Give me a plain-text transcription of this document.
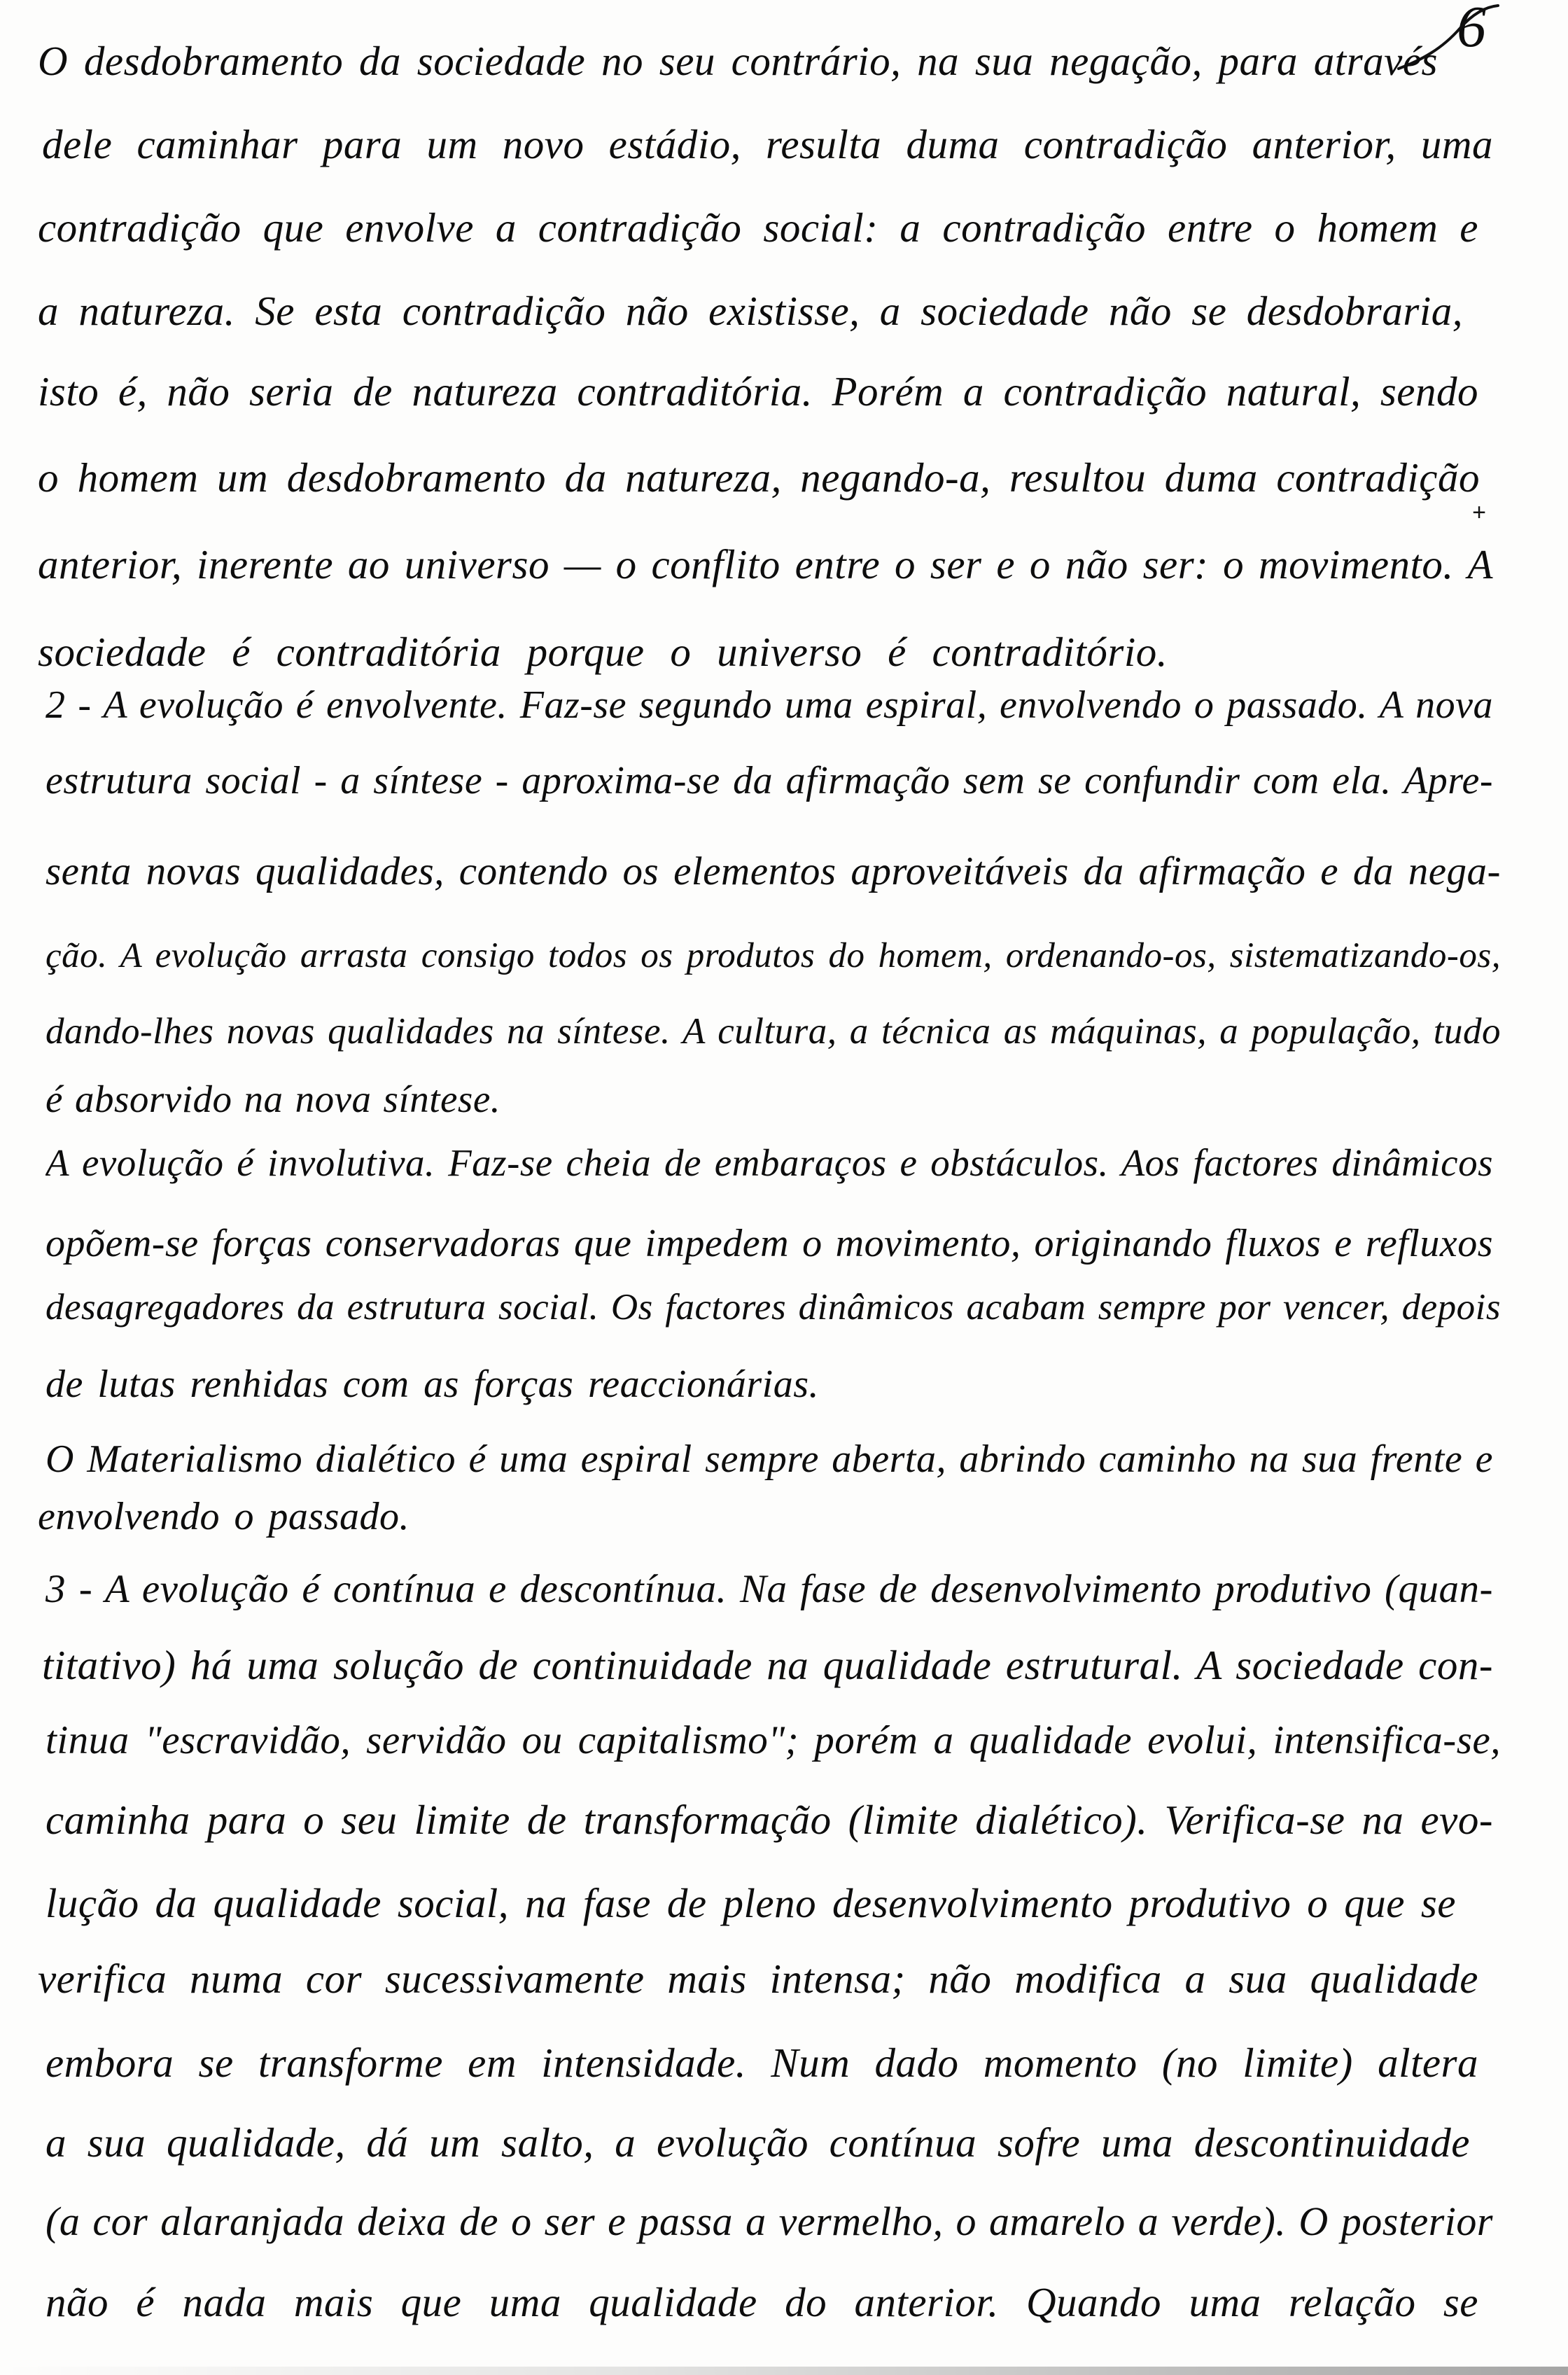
6
O desdobramento da sociedade no seu contrário, na sua negação, para através
dele caminhar para um novo estádio, resulta duma contradição anterior, uma
contradição que envolve a contradição social: a contradição entre o homem e
a natureza. Se esta contradição não existisse, a sociedade não se desdobraria,
isto é, não seria de natureza contraditória. Porém a contradição natural, sendo
o homem um desdobramento da natureza, negando-a, resultou duma contradição
+
anterior, inerente ao universo — o conflito entre o ser e o não ser: o movimento. A
sociedade é contraditória porque o universo é contraditório.
2 - A evolução é envolvente. Faz-se segundo uma espiral, envolvendo o passado. A nova
estrutura social - a síntese - aproxima-se da afirmação sem se confundir com ela. Apre-
senta novas qualidades, contendo os elementos aproveitáveis da afirmação e da nega-
ção. A evolução arrasta consigo todos os produtos do homem, ordenando-os, sistematizando-os,
dando-lhes novas qualidades na síntese. A cultura, a técnica as máquinas, a população, tudo
é absorvido na nova síntese.
A evolução é involutiva. Faz-se cheia de embaraços e obstáculos. Aos factores dinâmicos
opõem-se forças conservadoras que impedem o movimento, originando fluxos e refluxos
desagregadores da estrutura social. Os factores dinâmicos acabam sempre por vencer, depois
de lutas renhidas com as forças reaccionárias.
O Materialismo dialético é uma espiral sempre aberta, abrindo caminho na sua frente e
envolvendo o passado.
3 - A evolução é contínua e descontínua. Na fase de desenvolvimento produtivo (quan-
titativo) há uma solução de continuidade na qualidade estrutural. A sociedade con-
tinua "escravidão, servidão ou capitalismo"; porém a qualidade evolui, intensifica-se,
caminha para o seu limite de transformação (limite dialético). Verifica-se na evo-
lução da qualidade social, na fase de pleno desenvolvimento produtivo o que se
verifica numa cor sucessivamente mais intensa; não modifica a sua qualidade
embora se transforme em intensidade. Num dado momento (no limite) altera
a sua qualidade, dá um salto, a evolução contínua sofre uma descontinuidade
(a cor alaranjada deixa de o ser e passa a vermelho, o amarelo a verde). O posterior
não é nada mais que uma qualidade do anterior. Quando uma relação se
